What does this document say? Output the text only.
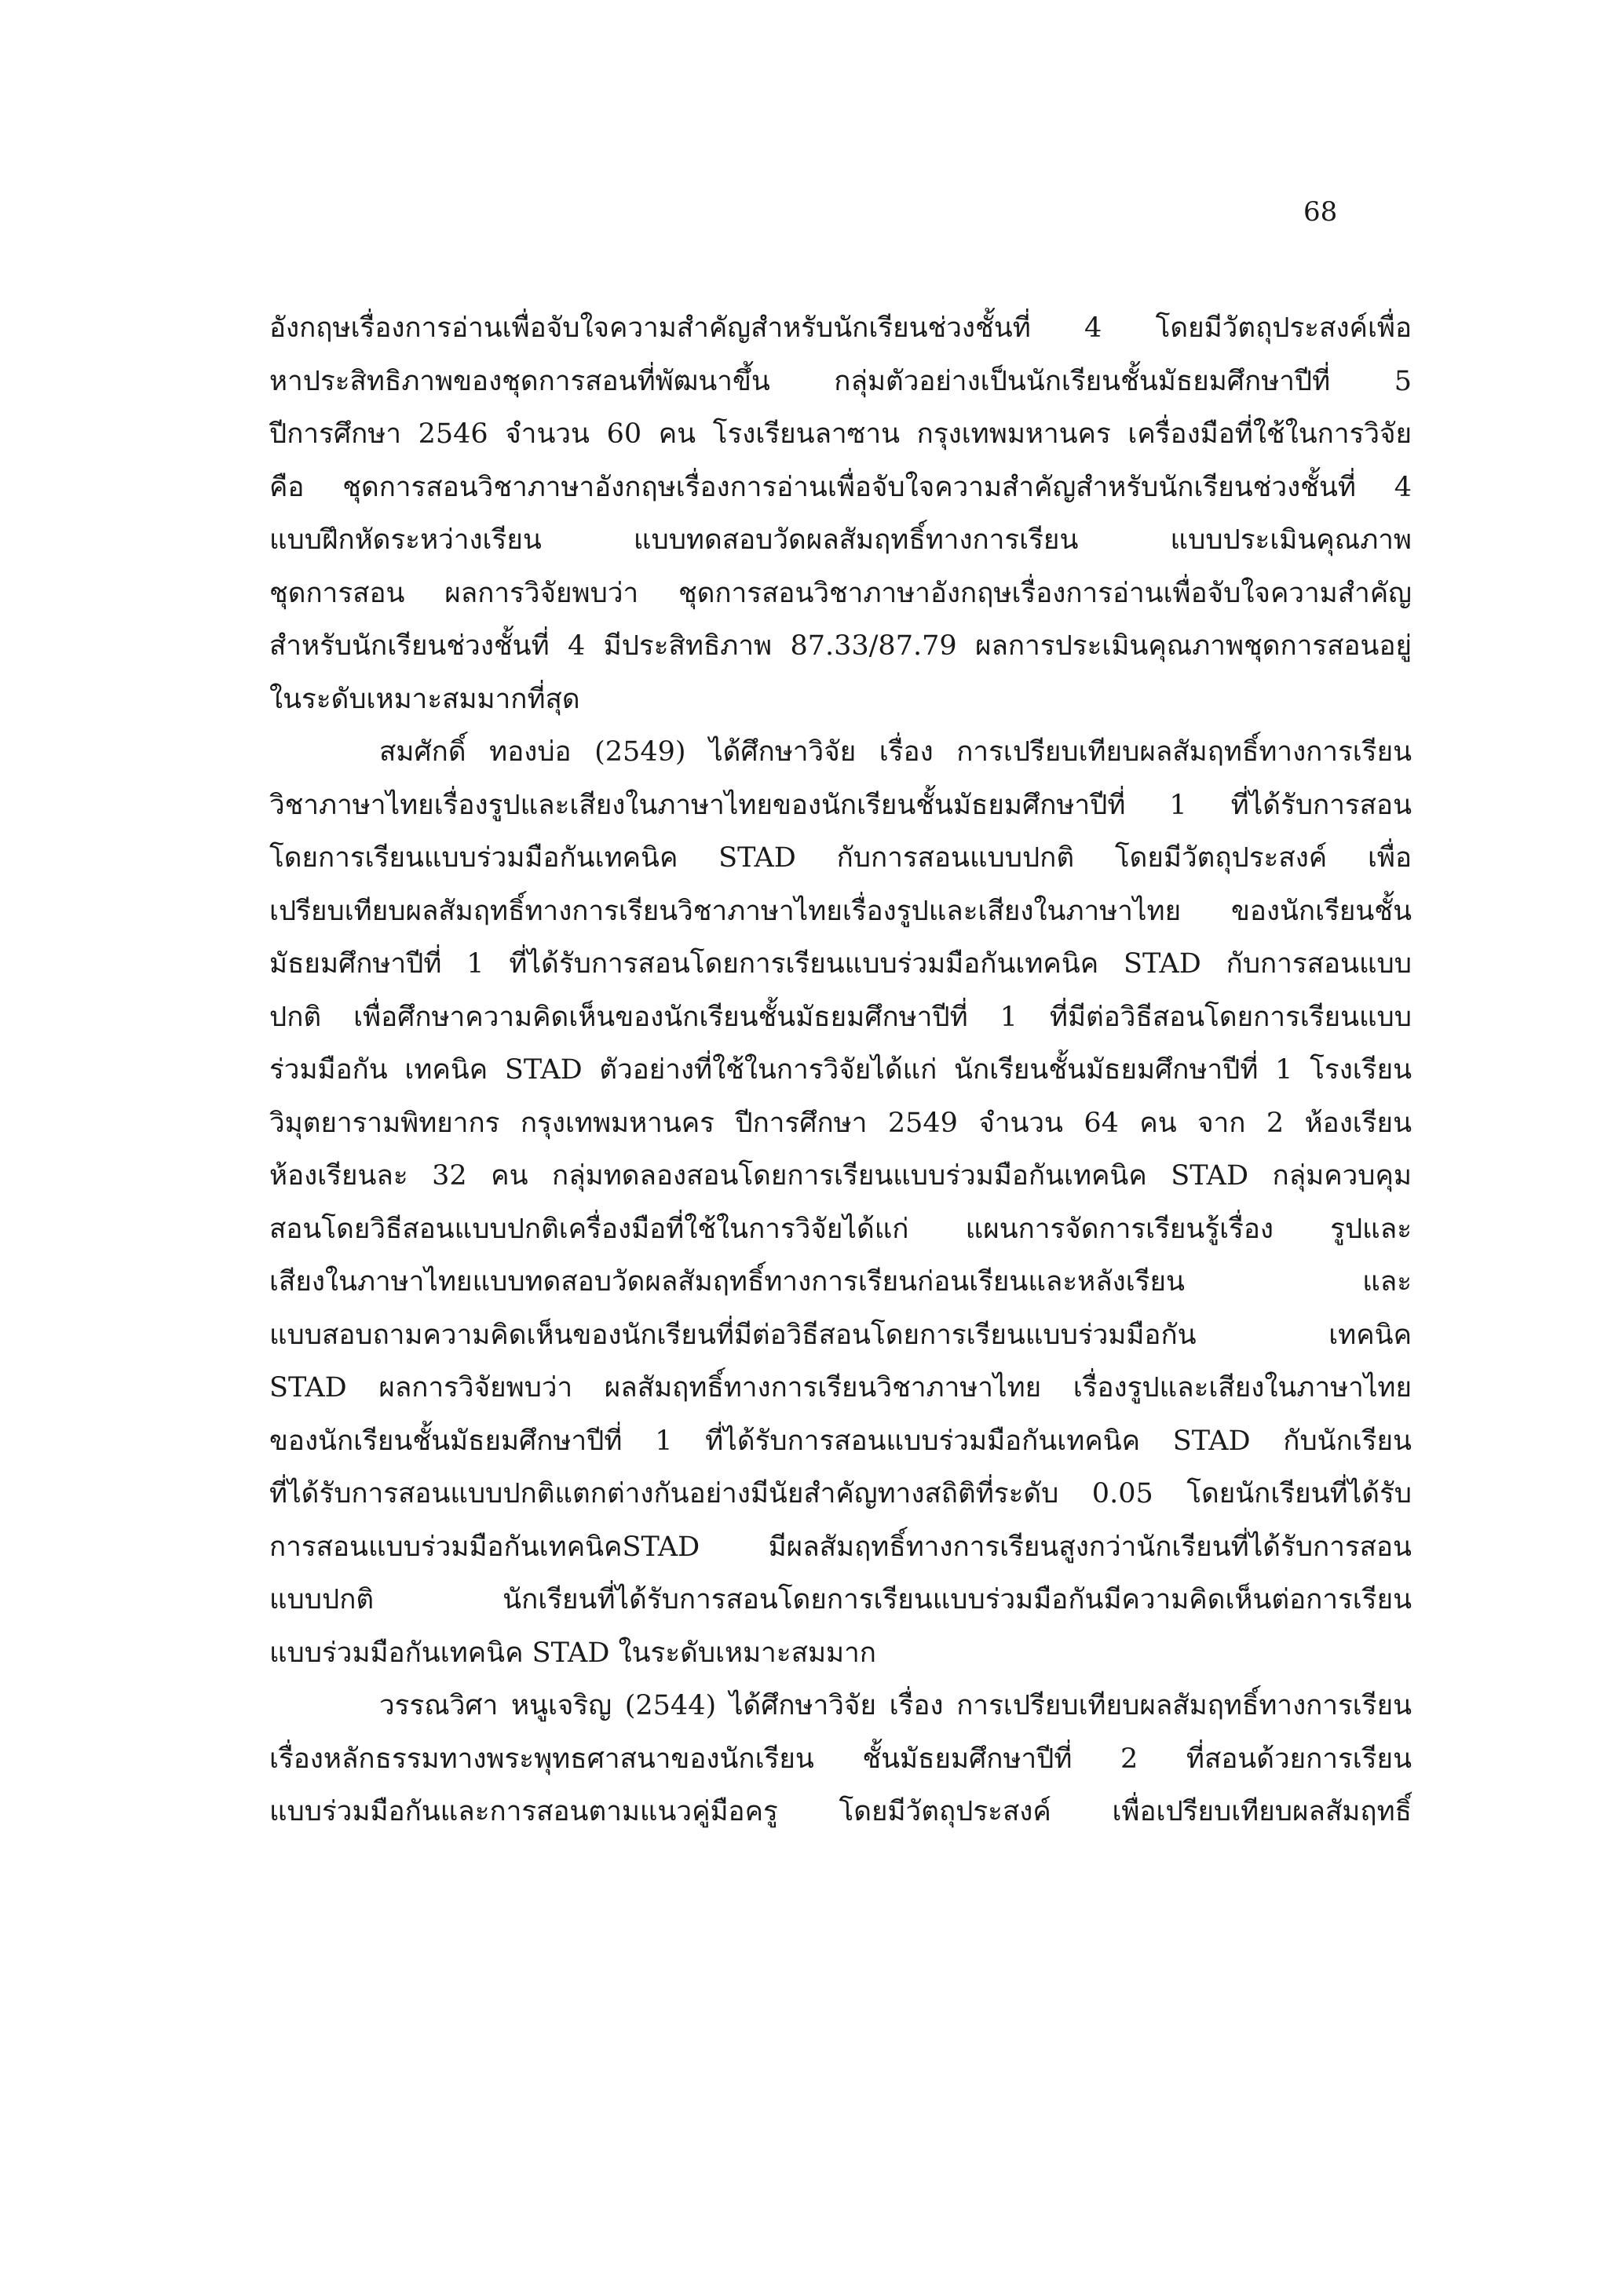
68
อังกฤษเรื่องการอ่านเพื่อจับใจความสำคัญสำหรับนักเรียนช่วงชั้นที่ 4 โดยมีวัตถุประสงค์เพื่อ
หาประสิทธิภาพของชุดการสอนที่พัฒนาขึ้น กลุ่มตัวอย่างเป็นนักเรียนชั้นมัธยมศึกษาปีที่ 5
ปีการศึกษา 2546 จำนวน 60 คน โรงเรียนลาซาน กรุงเทพมหานคร เครื่องมือที่ใช้ในการวิจัย
คือ ชุดการสอนวิชาภาษาอังกฤษเรื่องการอ่านเพื่อจับใจความสำคัญสำหรับนักเรียนช่วงชั้นที่ 4
แบบฝึกหัดระหว่างเรียน แบบทดสอบวัดผลสัมฤทธิ์ทางการเรียน แบบประเมินคุณภาพ
ชุดการสอน ผลการวิจัยพบว่า ชุดการสอนวิชาภาษาอังกฤษเรื่องการอ่านเพื่อจับใจความสำคัญ
สำหรับนักเรียนช่วงชั้นที่ 4 มีประสิทธิภาพ 87.33/87.79 ผลการประเมินคุณภาพชุดการสอนอยู่
ในระดับเหมาะสมมากที่สุด
สมศักดิ์ ทองบ่อ (2549) ได้ศึกษาวิจัย เรื่อง การเปรียบเทียบผลสัมฤทธิ์ทางการเรียน
วิชาภาษาไทยเรื่องรูปและเสียงในภาษาไทยของนักเรียนชั้นมัธยมศึกษาปีที่ 1 ที่ได้รับการสอน
โดยการเรียนแบบร่วมมือกันเทคนิค STAD กับการสอนแบบปกติ โดยมีวัตถุประสงค์ เพื่อ
เปรียบเทียบผลสัมฤทธิ์ทางการเรียนวิชาภาษาไทยเรื่องรูปและเสียงในภาษาไทย ของนักเรียนชั้น
มัธยมศึกษาปีที่ 1 ที่ได้รับการสอนโดยการเรียนแบบร่วมมือกันเทคนิค STAD กับการสอนแบบ
ปกติ เพื่อศึกษาความคิดเห็นของนักเรียนชั้นมัธยมศึกษาปีที่ 1 ที่มีต่อวิธีสอนโดยการเรียนแบบ
ร่วมมือกัน เทคนิค STAD ตัวอย่างที่ใช้ในการวิจัยได้แก่ นักเรียนชั้นมัธยมศึกษาปีที่ 1 โรงเรียน
วิมุตยารามพิทยากร กรุงเทพมหานคร ปีการศึกษา 2549 จำนวน 64 คน จาก 2 ห้องเรียน
ห้องเรียนละ 32 คน กลุ่มทดลองสอนโดยการเรียนแบบร่วมมือกันเทคนิค STAD กลุ่มควบคุม
สอนโดยวิธีสอนแบบปกติเครื่องมือที่ใช้ในการวิจัยได้แก่ แผนการจัดการเรียนรู้เรื่อง รูปและ
เสียงในภาษาไทยแบบทดสอบวัดผลสัมฤทธิ์ทางการเรียนก่อนเรียนและหลังเรียน และ
แบบสอบถามความคิดเห็นของนักเรียนที่มีต่อวิธีสอนโดยการเรียนแบบร่วมมือกัน เทคนิค
STAD ผลการวิจัยพบว่า ผลสัมฤทธิ์ทางการเรียนวิชาภาษาไทย เรื่องรูปและเสียงในภาษาไทย
ของนักเรียนชั้นมัธยมศึกษาปีที่ 1 ที่ได้รับการสอนแบบร่วมมือกันเทคนิค STAD กับนักเรียน
ที่ได้รับการสอนแบบปกติแตกต่างกันอย่างมีนัยสำคัญทางสถิติที่ระดับ 0.05 โดยนักเรียนที่ได้รับ
การสอนแบบร่วมมือกันเทคนิคSTAD มีผลสัมฤทธิ์ทางการเรียนสูงกว่านักเรียนที่ได้รับการสอน
แบบปกติ นักเรียนที่ได้รับการสอนโดยการเรียนแบบร่วมมือกันมีความคิดเห็นต่อการเรียน
แบบร่วมมือกันเทคนิค STAD ในระดับเหมาะสมมาก
วรรณวิศา หนูเจริญ (2544) ได้ศึกษาวิจัย เรื่อง การเปรียบเทียบผลสัมฤทธิ์ทางการเรียน
เรื่องหลักธรรมทางพระพุทธศาสนาของนักเรียน ชั้นมัธยมศึกษาปีที่ 2 ที่สอนด้วยการเรียน
แบบร่วมมือกันและการสอนตามแนวคู่มือครู โดยมีวัตถุประสงค์ เพื่อเปรียบเทียบผลสัมฤทธิ์
